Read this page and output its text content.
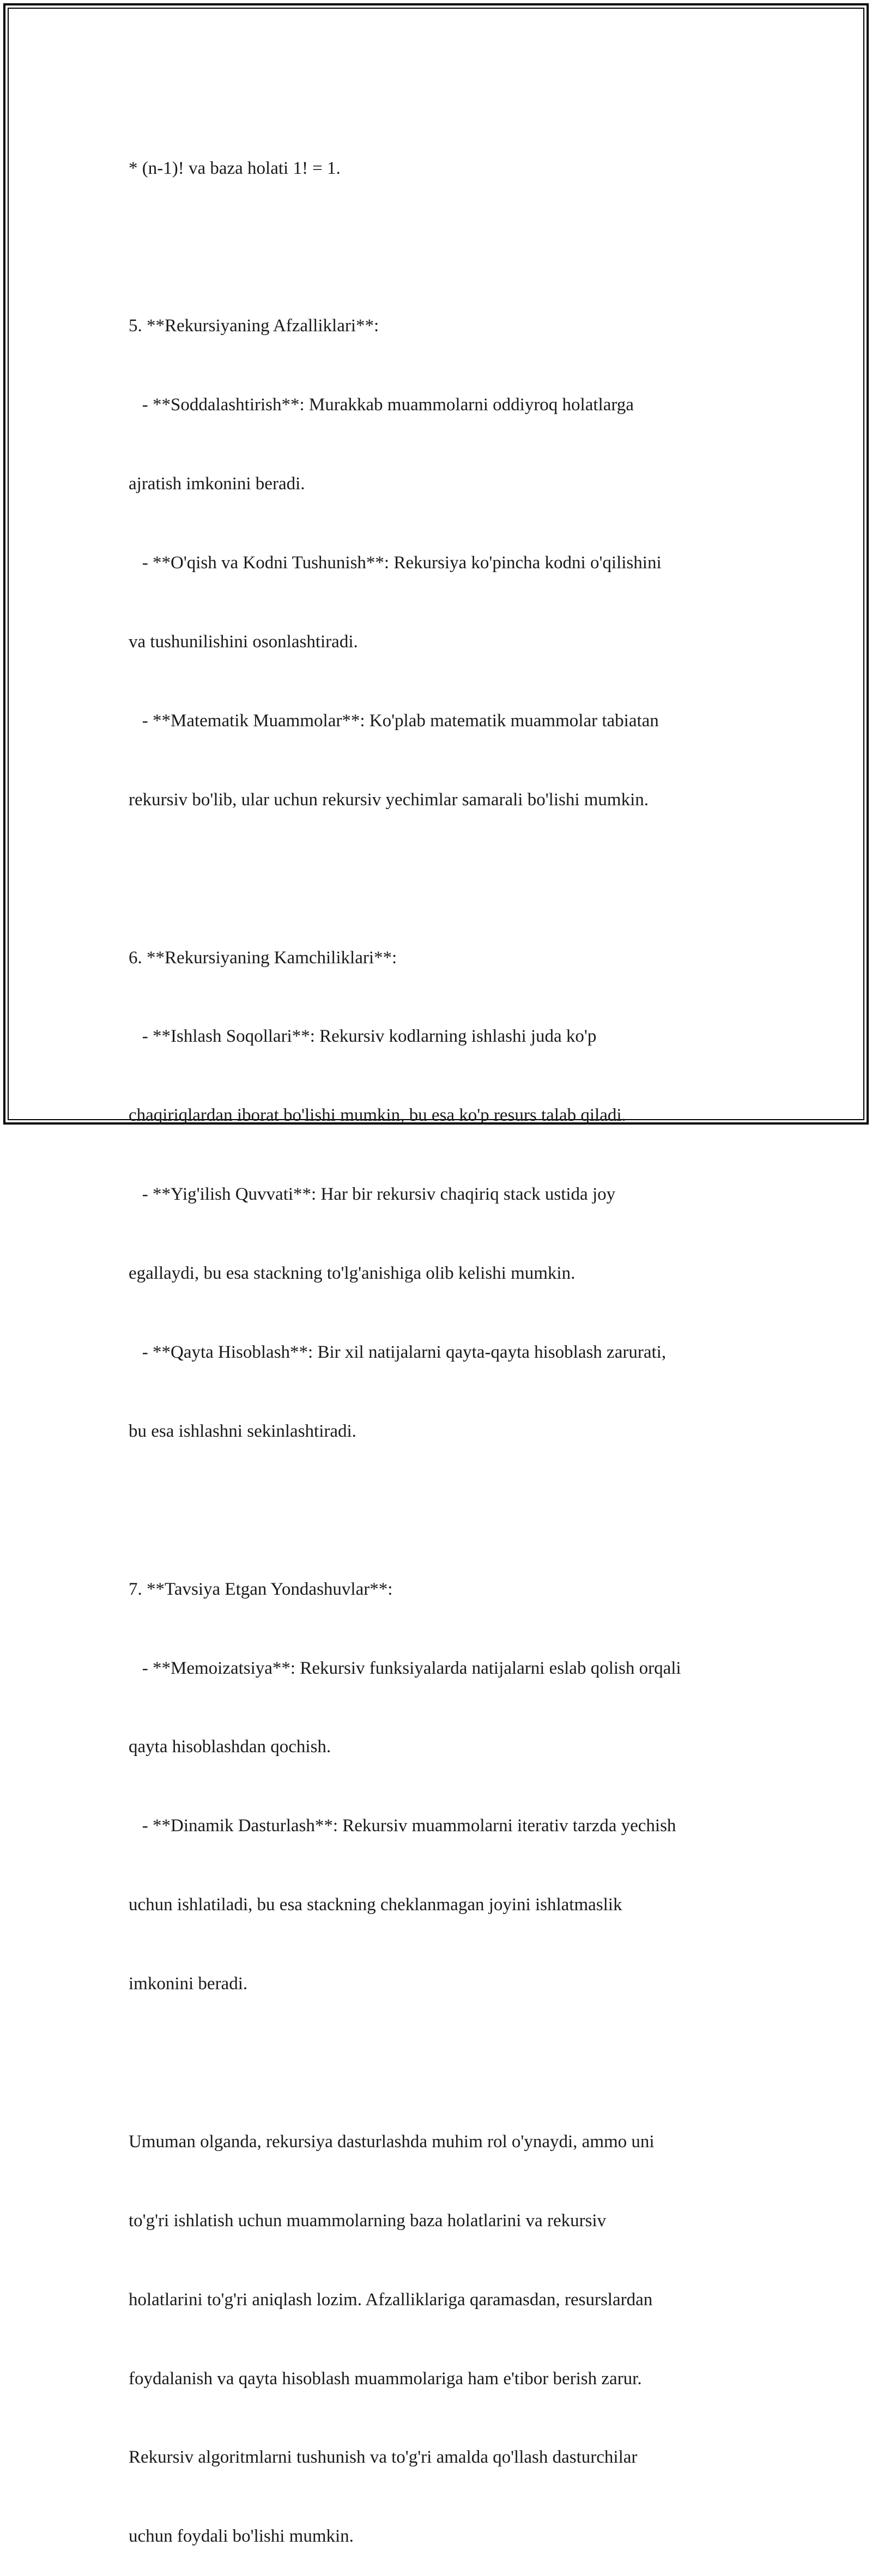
* (n-1)! va baza holati 1! = 1.

5. **Rekursiyaning Afzalliklari**:

- **Soddalashtirish**: Murakkab muammolarni oddiyroq holatlarga

ajratish imkonini beradi.

- **O'qish va Kodni Tushunish**: Rekursiya ko'pincha kodni o'qilishini

va tushunilishini osonlashtiradi.

- **Matematik Muammolar**: Ko'plab matematik muammolar tabiatan

rekursiv bo'lib, ular uchun rekursiv yechimlar samarali bo'lishi mumkin.

6. **Rekursiyaning Kamchiliklari**:

- **Ishlash Soqollari**: Rekursiv kodlarning ishlashi juda ko'p

chaqiriqlardan iborat bo'lishi mumkin, bu esa ko'p resurs talab qiladi.

- **Yig'ilish Quvvati**: Har bir rekursiv chaqiriq stack ustida joy

egallaydi, bu esa stackning to'lg'anishiga olib kelishi mumkin.

- **Qayta Hisoblash**: Bir xil natijalarni qayta-qayta hisoblash zarurati,

bu esa ishlashni sekinlashtiradi.

7. **Tavsiya Etgan Yondashuvlar**:

- **Memoizatsiya**: Rekursiv funksiyalarda natijalarni eslab qolish orqali

qayta hisoblashdan qochish.

- **Dinamik Dasturlash**: Rekursiv muammolarni iterativ tarzda yechish

uchun ishlatiladi, bu esa stackning cheklanmagan joyini ishlatmaslik

imkonini beradi.

Umuman olganda, rekursiya dasturlashda muhim rol o'ynaydi, ammo uni

to'g'ri ishlatish uchun muammolarning baza holatlarini va rekursiv

holatlarini to'g'ri aniqlash lozim. Afzalliklariga qaramasdan, resurslardan

foydalanish va qayta hisoblash muammolariga ham e'tibor berish zarur.

Rekursiv algoritmlarni tushunish va to'g'ri amalda qo'llash dasturchilar

uchun foydali bo'lishi mumkin.
